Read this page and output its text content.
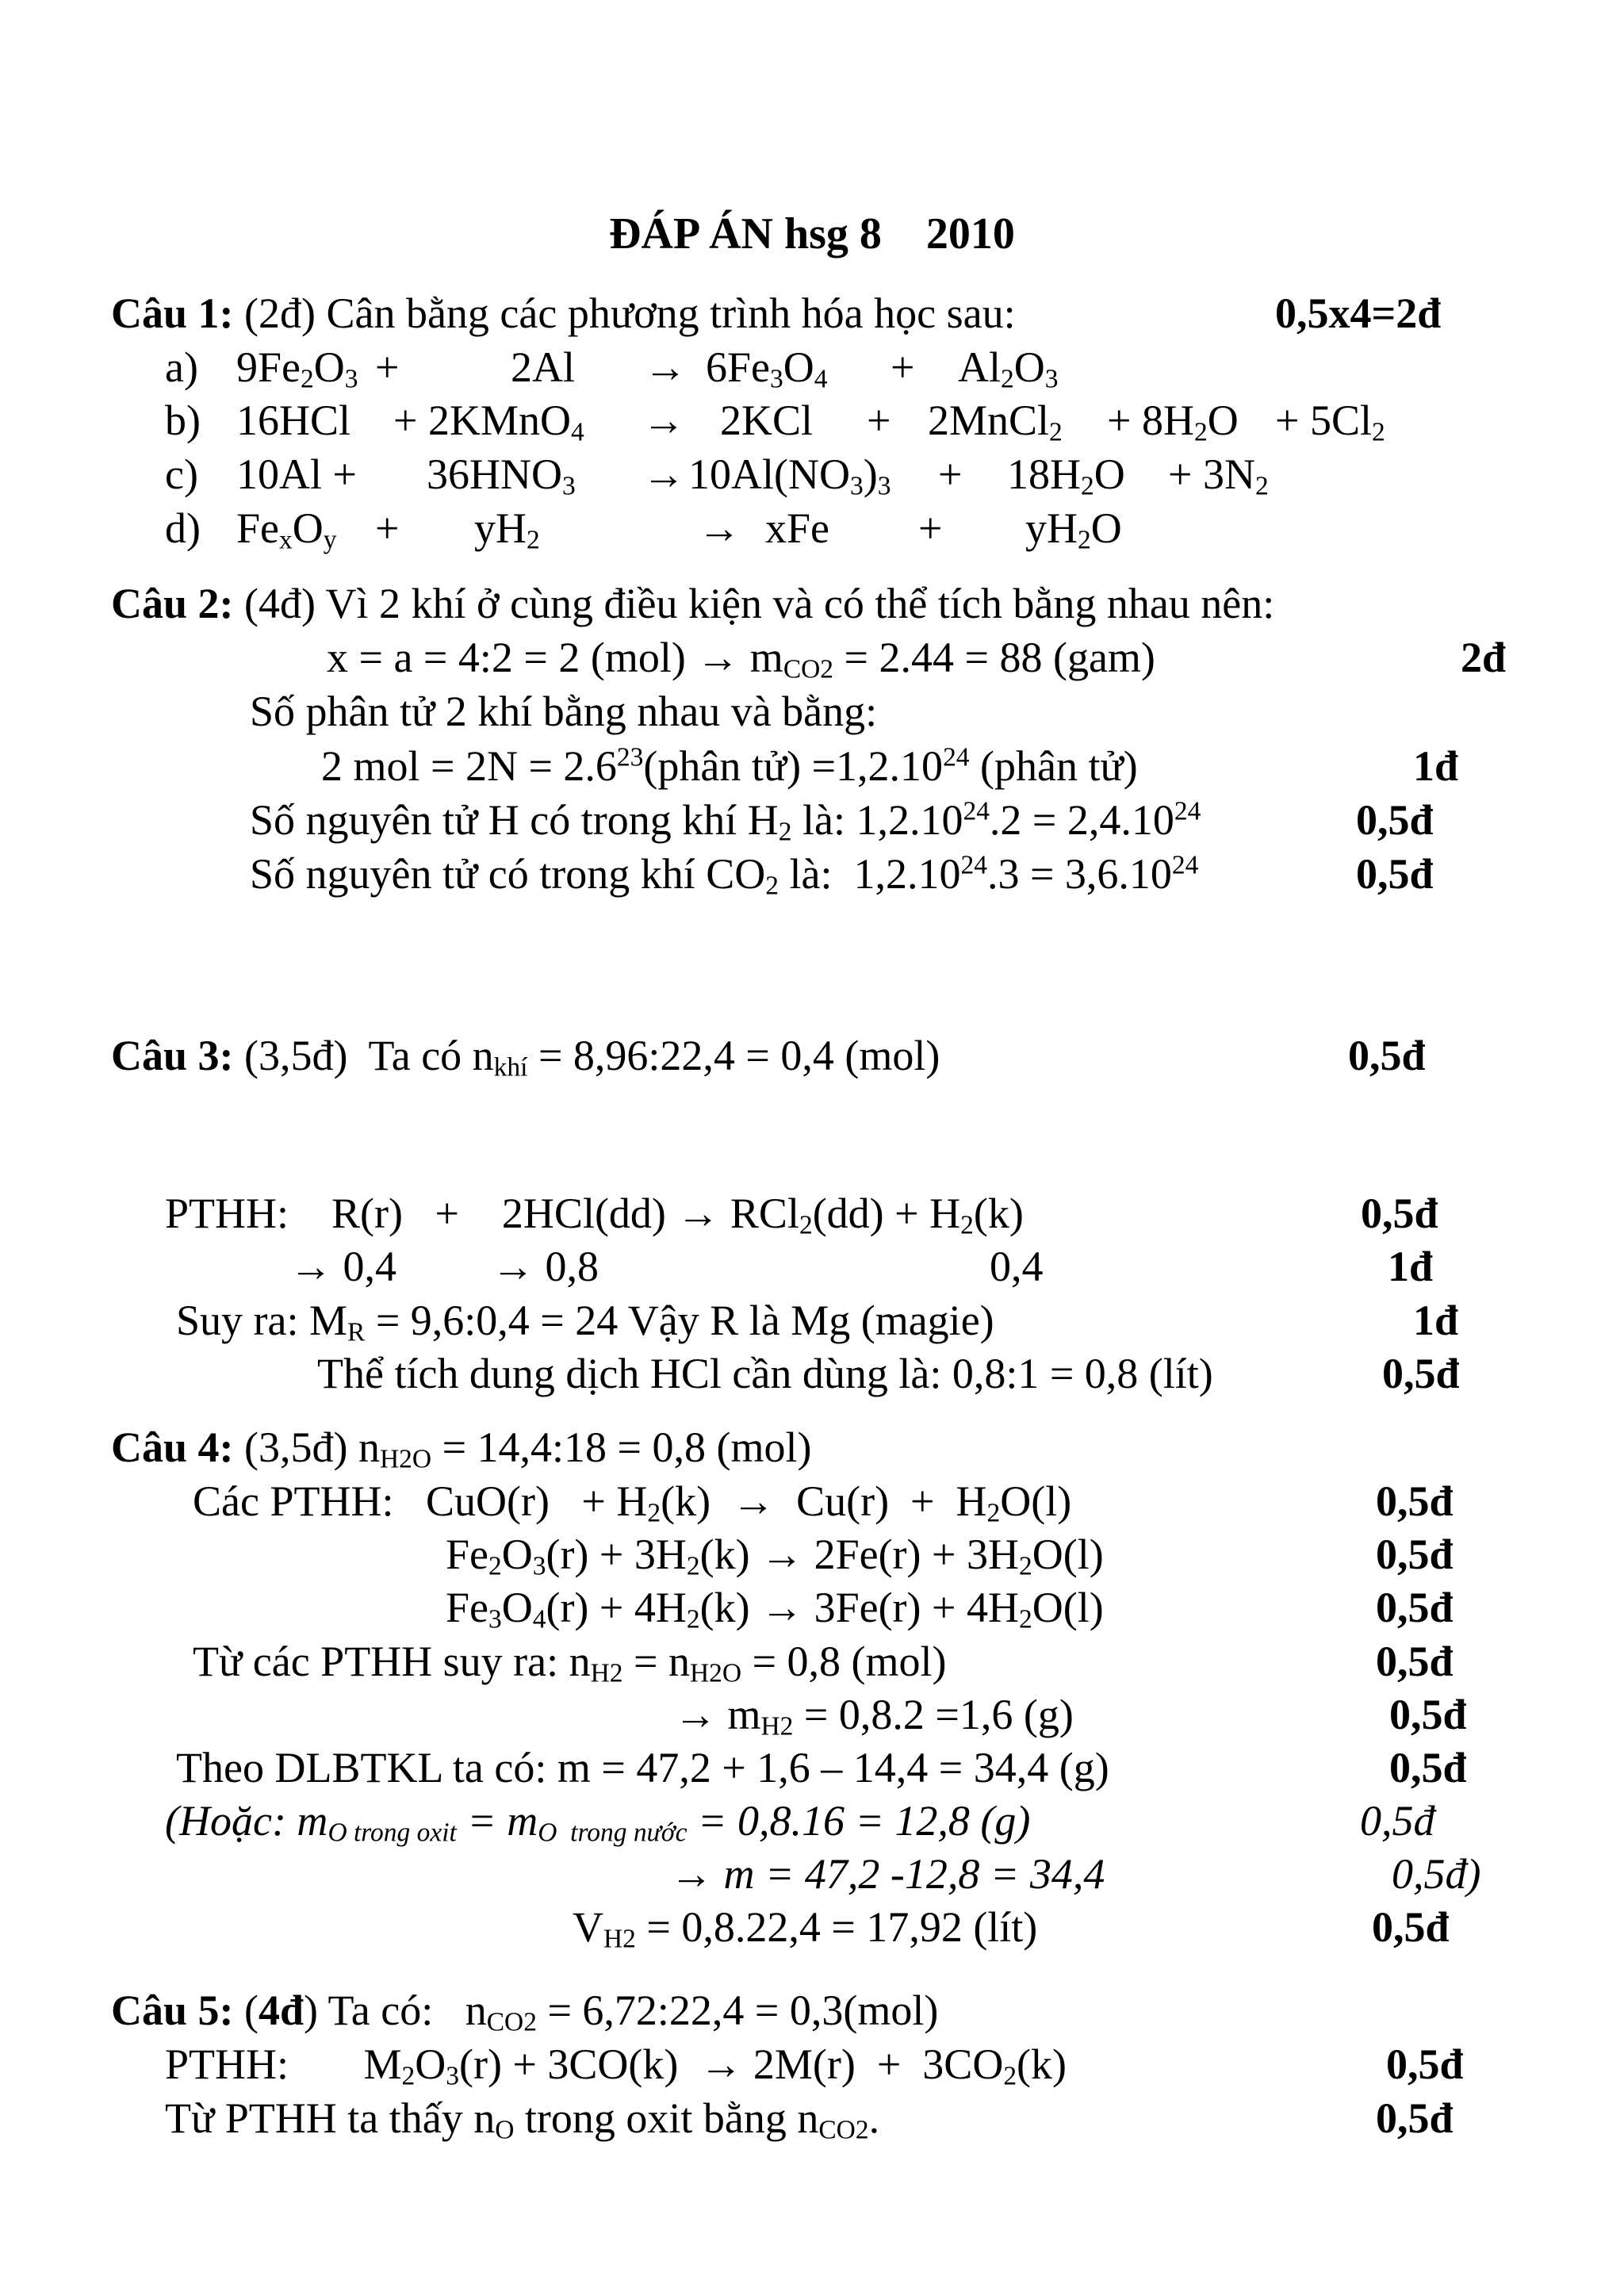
ĐÁP ÁN hsg 8    2010
Câu 1: (2đ) Cân bằng các phương trình hóa học sau:	0,5x4=2đ
a) $9Fe_2O_3$ +	$2Al \to 6Fe_3O_4 + Al_2O_3$
b) 16HCl + 2KMnO$_4$ → 2KCl + 2MnCl$_2$ + $8H_2O + 5Cl_2$
c) $10Al + 36HNO_3 \to 10Al(NO_3)_3 + 18H_2O + 3N_2$
d) $Fe_xO_y + yH_2$	→ xFe + $yH_2O$
Câu 2: (4đ) Vì 2 khí ở cùng điều kiện và có thể tích bằng nhau nên:
x = a = 4:2 = 2 $(mol) \to m_{CO2} = 2.44 = 88$ (gam)	2đ
Số phân tử 2 khí bằng nhau và bằng:
2 mol = $2N = 2.6^{23}(phân$ tử) $=1,2.10^{24}$ (phân tử)	1đ
Số nguyên tử H có trong khí $H_2$ là: $1,2.10^{24}.2 = 2,4.10^{24}$	0,5đ
Số nguyên tử có trong khí $CO_2$ là:  $1,2.10^{24}.3 = 3,6.10^{24}$	0,5đ
Câu 3: (3,5đ)  Ta có $n_{khí}$ = 8,96:22,4 = 0,4 (mol)	0,5đ
PTHH:    R(r)   +    $2HCl(dd) \to RCl_2(dd) + H_2(k)$	0,5đ
→ 0,4 → 0,8	0,4	1đ
Suy ra: $M_R$ = 9,6:0,4 = 24 Vậy R là Mg (magie)	1đ
Thể tích dung dịch HCl cần dùng là: 0,8:1 = 0,8 (lít)	0,5đ
Câu 4: (3,5đ) $n_{H2O}$ = 14,4:18 = 0,8 (mol)
Các PTHH:   $CuO(r) + H_2(k) \to Cu(r) + H_2O(l)$	0,5đ
$Fe_2O_3(r) + 3H_2(k) \to 2Fe(r) + 3H_2O(l)$	0,5đ
$Fe_3O_4(r) + 4H_2(k) \to 3Fe(r) + 4H_2O(l)$	0,5đ
Từ các PTHH suy ra: $n_{H2} = n_{H2O} = 0,8$ (mol)	0,5đ
→ $m_{H2} = 0,8.2 =1,6$ (g)	0,5đ
Theo DLBTKL ta có: m = 47,2 + 1,6 – 14,4 = 34,4 (g)	0,5đ
(Hoặc: $m_{O trong oxit} = m_{O trong nước} = 0,8.16 = 12,8$ (g)	0,5đ
→ m = 47,2 -12,8 = 34,4	0,5đ)
$V_{H2} = 0,8.22,4 = 17,92$ (lít)	0,5đ
Câu 5: (4đ) Ta có:   $n_{CO2}$ = 6,72:22,4 = 0,3(mol)
PTHH:       $M_2O_3(r) + 3CO(k) \to 2M(r) + 3CO_2(k)$	0,5đ
Từ PTHH ta thấy $n_O$ trong oxit bằng $n_{CO2}$.	0,5đ
